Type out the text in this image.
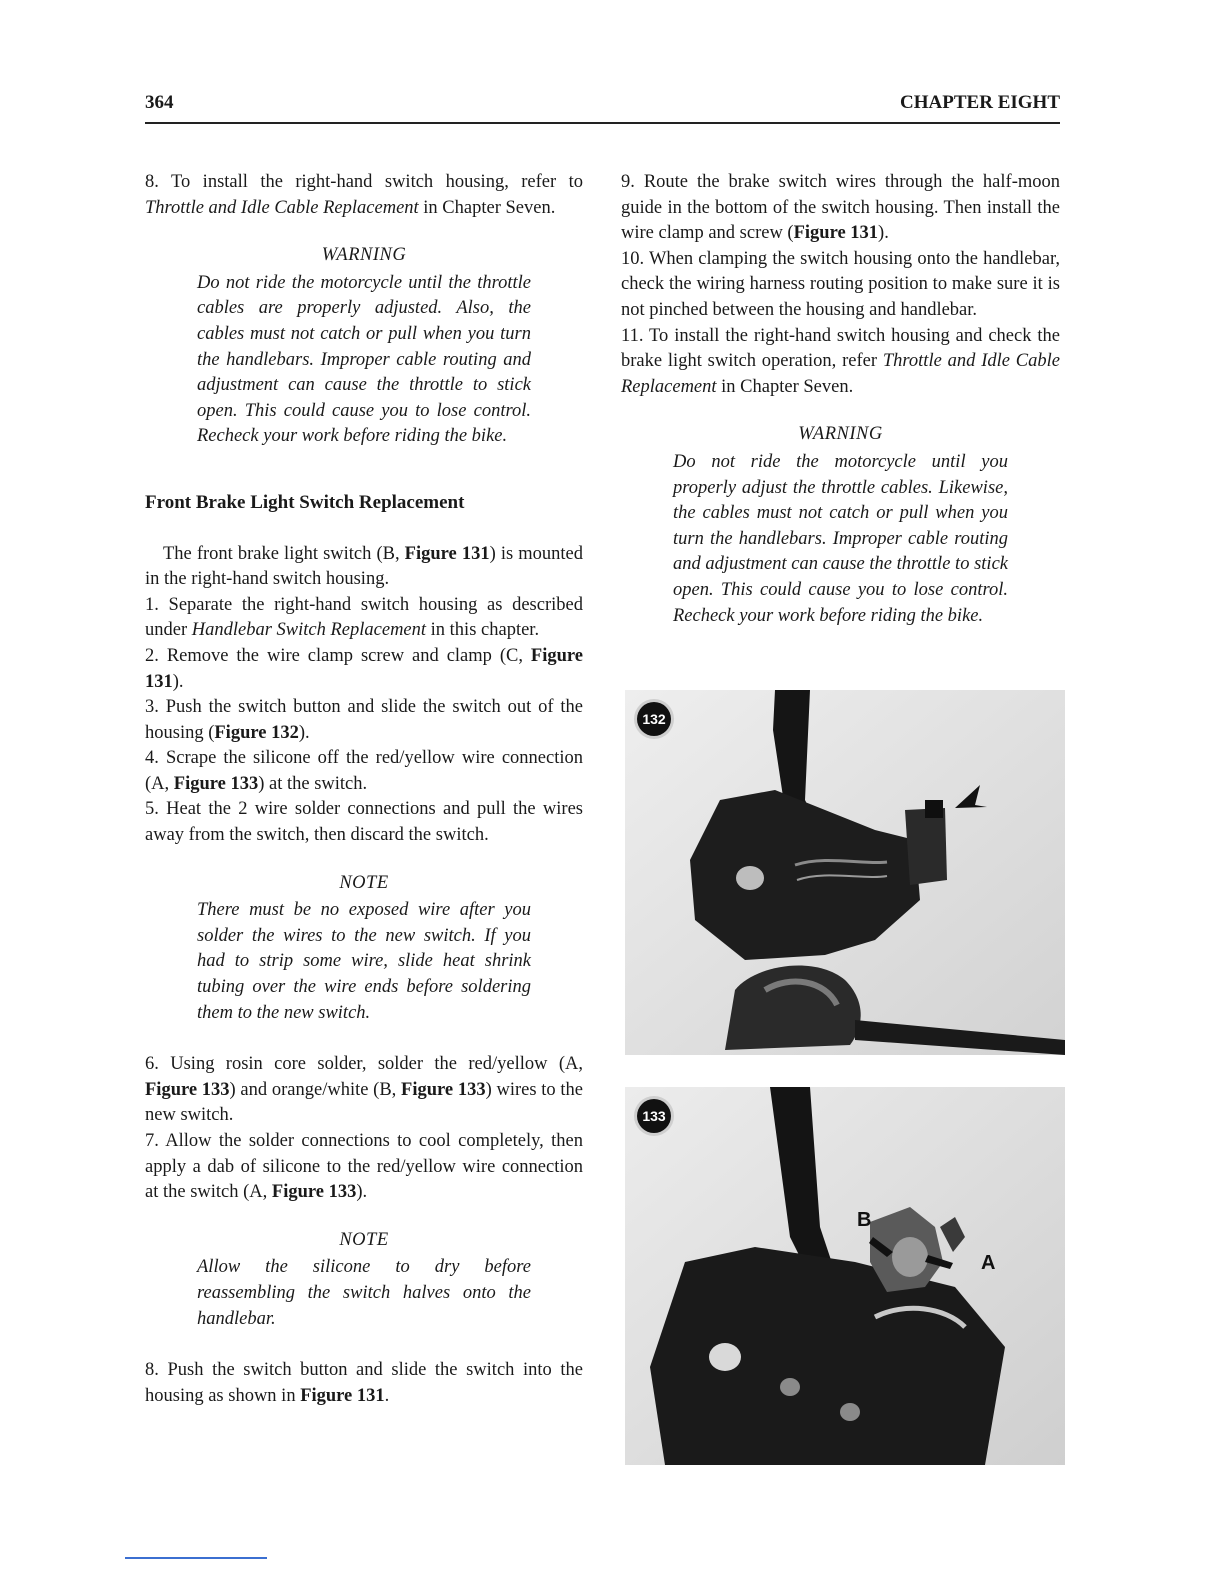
364	CHAPTER EIGHT

8. To install the right-hand switch housing, refer to Throttle and Idle Cable Replacement in Chapter Seven.

WARNING

Do not ride the motorcycle until the throttle cables are properly adjusted. Also, the cables must not catch or pull when you turn the handlebars. Improper cable routing and adjustment can cause the throttle to stick open. This could cause you to lose control. Recheck your work before riding the bike.

Front Brake Light Switch Replacement

The front brake light switch (B, Figure 131) is mounted in the right-hand switch housing.

1. Separate the right-hand switch housing as described under Handlebar Switch Replacement in this chapter.

2. Remove the wire clamp screw and clamp (C, Figure 131).

3. Push the switch button and slide the switch out of the housing (Figure 132).

4. Scrape the silicone off the red/yellow wire connection (A, Figure 133) at the switch.

5. Heat the 2 wire solder connections and pull the wires away from the switch, then discard the switch.

NOTE

There must be no exposed wire after you solder the wires to the new switch. If you had to strip some wire, slide heat shrink tubing over the wire ends before soldering them to the new switch.

6. Using rosin core solder, solder the red/yellow (A, Figure 133) and orange/white (B, Figure 133) wires to the new switch.

7. Allow the solder connections to cool completely, then apply a dab of silicone to the red/yellow wire connection at the switch (A, Figure 133).

NOTE

Allow the silicone to dry before reassembling the switch halves onto the handlebar.

8. Push the switch button and slide the switch into the housing as shown in Figure 131.

9. Route the brake switch wires through the half-moon guide in the bottom of the switch housing. Then install the wire clamp and screw (Figure 131).

10. When clamping the switch housing onto the handlebar, check the wiring harness routing position to make sure it is not pinched between the housing and handlebar.

11. To install the right-hand switch housing and check the brake light switch operation, refer Throttle and Idle Cable Replacement in Chapter Seven.

WARNING

Do not ride the motorcycle until you properly adjust the throttle cables. Likewise, the cables must not catch or pull when you turn the handlebars. Improper cable routing and adjustment can cause the throttle to stick open. This could cause you to lose control. Recheck your work before riding the bike.

132
133
B
A
